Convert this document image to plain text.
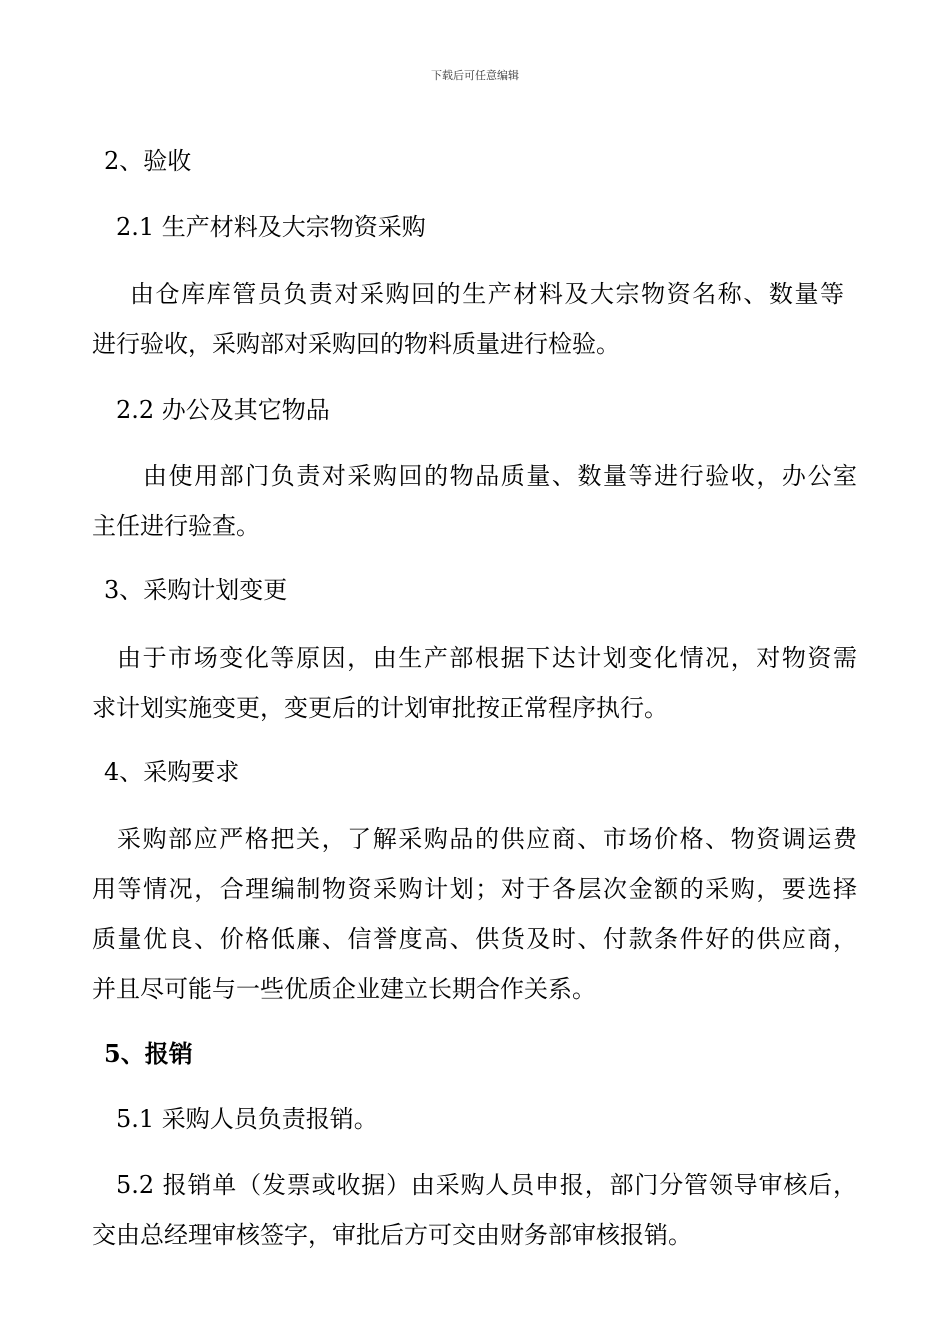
下载后可任意编辑
2、验收
2.1 生产材料及大宗物资采购
由仓库库管员负责对采购回的生产材料及大宗物资名称、数量等
进行验收，采购部对采购回的物料质量进行检验。
2.2 办公及其它物品
由使用部门负责对采购回的物品质量、数量等进行验收，办公室
主任进行验查。
3、采购计划变更
由于市场变化等原因，由生产部根据下达计划变化情况，对物资需
求计划实施变更，变更后的计划审批按正常程序执行。
4、采购要求
采购部应严格把关，了解采购品的供应商、市场价格、物资调运费
用等情况，合理编制物资采购计划；对于各层次金额的采购，要选择
质量优良、价格低廉、信誉度高、供货及时、付款条件好的供应商，
并且尽可能与一些优质企业建立长期合作关系。
5、报销
5.1 采购人员负责报销。
5.2 报销单（发票或收据）由采购人员申报，部门分管领导审核后，
交由总经理审核签字，审批后方可交由财务部审核报销。
